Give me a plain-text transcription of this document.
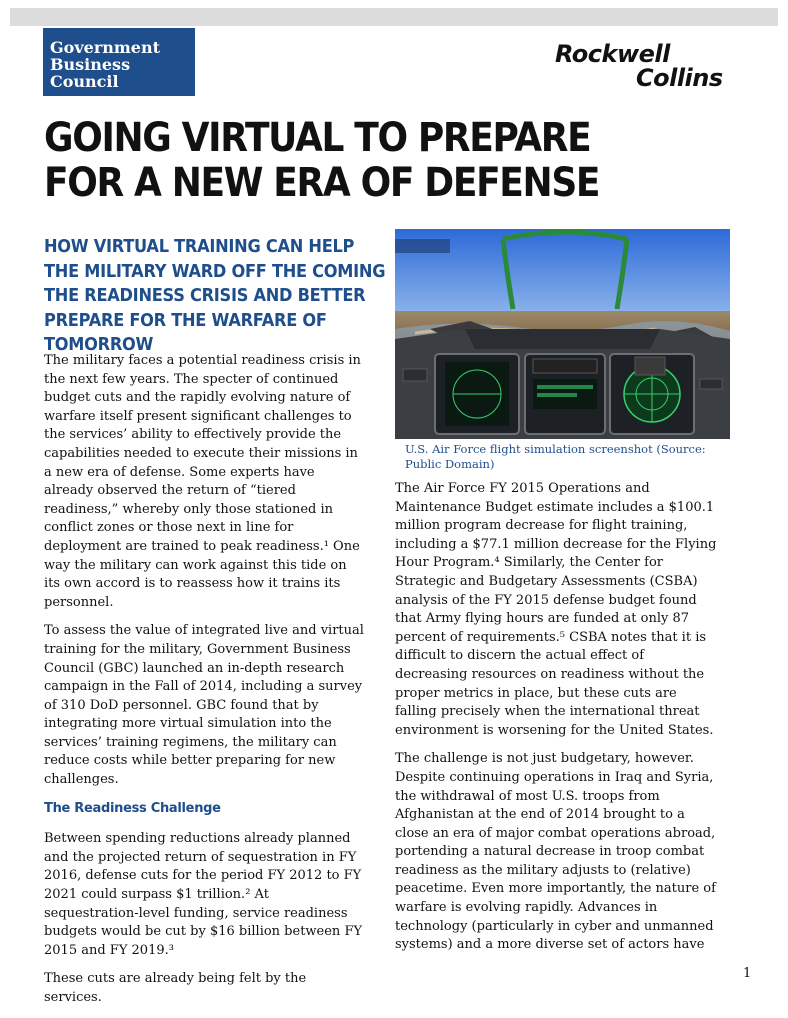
Government
Business
Council
Rockwell
Collins
GOING VIRTUAL TO PREPARE FOR A NEW ERA OF DEFENSE
HOW VIRTUAL TRAINING CAN HELP THE MILITARY WARD OFF THE COMING THE READINESS CRISIS AND BETTER PREPARE FOR THE WARFARE OF TOMORROW

The military faces a potential readiness crisis in the next few years. The specter of continued budget cuts and the rapidly evolving nature of warfare itself present significant challenges to the services’ ability to effectively provide the capabilities needed to execute their missions in a new era of defense. Some experts have already observed the return of “tiered readiness,” whereby only those stationed in conflict zones or those next in line for deployment are trained to peak readiness.¹ One way the military can work against this tide on its own accord is to reassess how it trains its personnel.

To assess the value of integrated live and virtual training for the military, Government Business Council (GBC) launched an in-depth research campaign in the Fall of 2014, including a survey of 310 DoD personnel. GBC found that by integrating more virtual simulation into the services’ training regimens, the military can reduce costs while better preparing for new challenges.

The Readiness Challenge

Between spending reductions already planned and the projected return of sequestration in FY 2016, defense cuts for the period FY 2012 to FY 2021 could surpass $1 trillion.² At sequestration-level funding, service readiness budgets would be cut by $16 billion between FY 2015 and FY 2019.³

These cuts are already being felt by the services.

U.S. Air Force flight simulation screenshot (Source: Public Domain)

The Air Force FY 2015 Operations and Maintenance Budget estimate includes a $100.1 million program decrease for flight training, including a $77.1 million decrease for the Flying Hour Program.⁴ Similarly, the Center for Strategic and Budgetary Assessments (CSBA) analysis of the FY 2015 defense budget found that Army flying hours are funded at only 87 percent of requirements.⁵ CSBA notes that it is difficult to discern the actual effect of decreasing resources on readiness without the proper metrics in place, but these cuts are falling precisely when the international threat environment is worsening for the United States.

The challenge is not just budgetary, however. Despite continuing operations in Iraq and Syria, the withdrawal of most U.S. troops from Afghanistan at the end of 2014 brought to a close an era of major combat operations abroad, portending a natural decrease in troop combat readiness as the military adjusts to (relative) peacetime. Even more importantly, the nature of warfare is evolving rapidly. Advances in technology (particularly in cyber and unmanned systems) and a more diverse set of actors have

1
